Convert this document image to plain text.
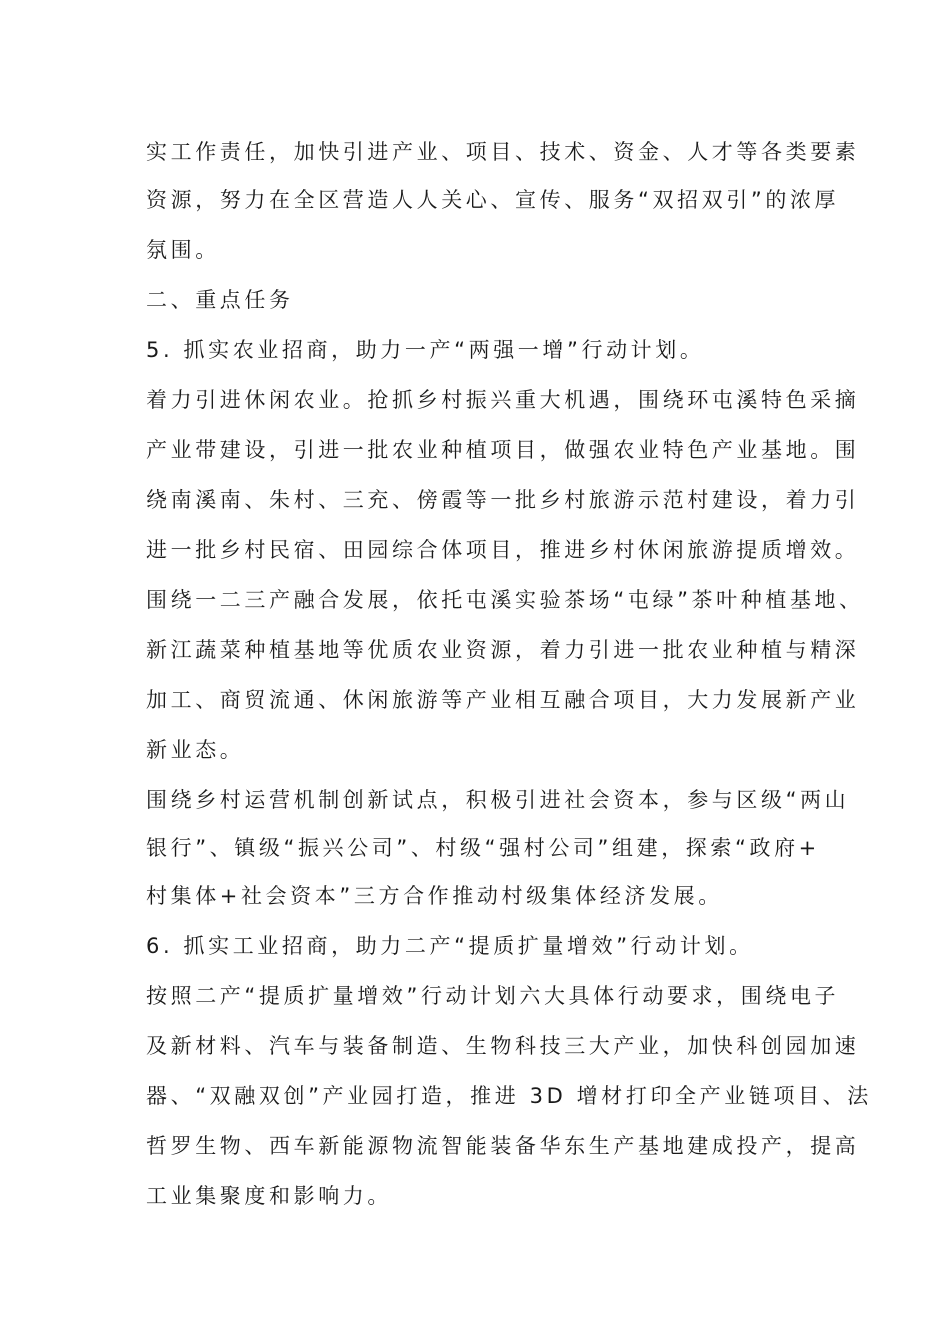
实工作责任，加快引进产业、项目、技术、资金、人才等各类要素
资源，努力在全区营造人人关心、宣传、服务“双招双引”的浓厚
氛围。
二、重点任务
5. 抓实农业招商，助力一产“两强一增”行动计划。
着力引进休闲农业。抢抓乡村振兴重大机遇，围绕环屯溪特色采摘
产业带建设，引进一批农业种植项目，做强农业特色产业基地。围
绕南溪南、朱村、三充、傍霞等一批乡村旅游示范村建设，着力引
进一批乡村民宿、田园综合体项目，推进乡村休闲旅游提质增效。
围绕一二三产融合发展，依托屯溪实验茶场“屯绿”茶叶种植基地、
新江蔬菜种植基地等优质农业资源，着力引进一批农业种植与精深
加工、商贸流通、休闲旅游等产业相互融合项目，大力发展新产业
新业态。
围绕乡村运营机制创新试点，积极引进社会资本，参与区级“两山
银行”、镇级“振兴公司”、村级“强村公司”组建，探索“政府+
村集体+社会资本”三方合作推动村级集体经济发展。
6. 抓实工业招商，助力二产“提质扩量增效”行动计划。
按照二产“提质扩量增效”行动计划六大具体行动要求，围绕电子
及新材料、汽车与装备制造、生物科技三大产业，加快科创园加速
器、“双融双创”产业园打造，推进 3D 增材打印全产业链项目、法
哲罗生物、西车新能源物流智能装备华东生产基地建成投产，提高
工业集聚度和影响力。
